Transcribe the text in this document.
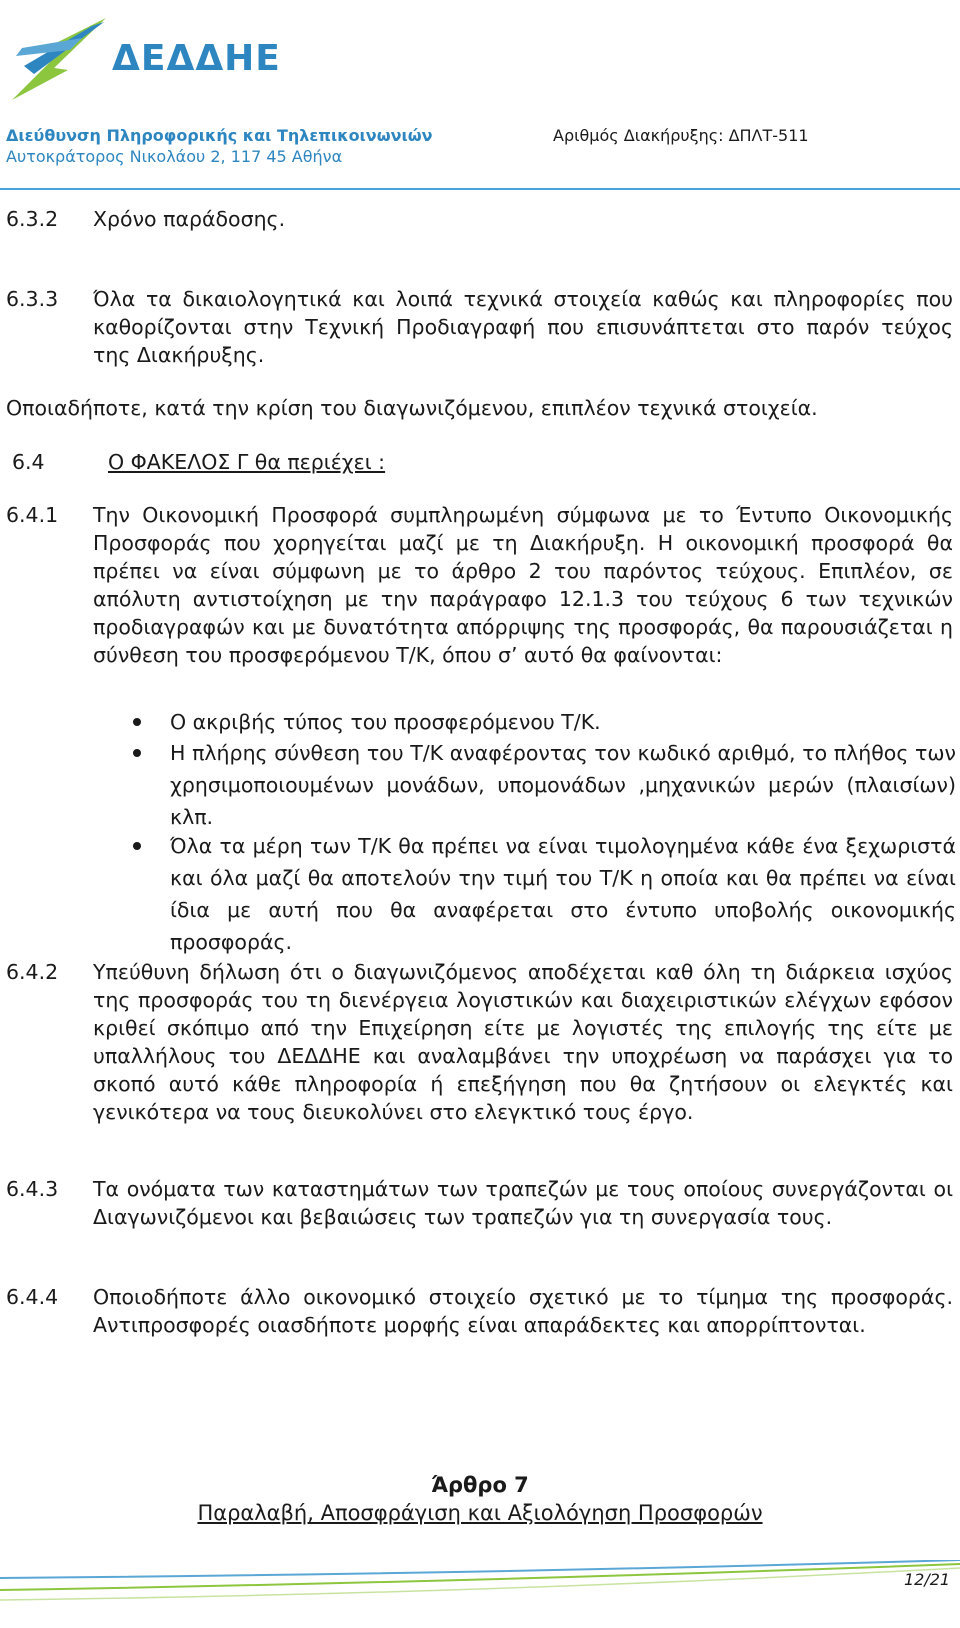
ΔΕΔΔΗΕ
Διεύθυνση Πληροφορικής και Τηλεπικοινωνιών
Αυτοκράτορος Νικολάου 2, 117 45 Αθήνα
Αριθμός Διακήρυξης: ΔΠΛΤ-511
6.3.2 Χρόνο παράδοσης.
6.3.3 Όλα τα δικαιολογητικά και λοιπά τεχνικά στοιχεία καθώς και πληροφορίες που καθορίζονται στην Τεχνική Προδιαγραφή που επισυνάπτεται στο παρόν τεύχος της Διακήρυξης.
Οποιαδήποτε, κατά την κρίση του διαγωνιζόμενου, επιπλέον τεχνικά στοιχεία.
6.4	Ο ΦΑΚΕΛΟΣ Γ θα περιέχει :
6.4.1 Την Οικονομική Προσφορά συμπληρωμένη σύμφωνα με το Έντυπο Οικονομικής Προσφοράς που χορηγείται μαζί με τη Διακήρυξη. Η οικονομική προσφορά θα πρέπει να είναι σύμφωνη με το άρθρο 2 του παρόντος τεύχους. Επιπλέον, σε απόλυτη αντιστοίχηση με την παράγραφο 12.1.3 του τεύχους 6 των τεχνικών προδιαγραφών και με δυνατότητα απόρριψης της προσφοράς, θα παρουσιάζεται η σύνθεση του προσφερόμενου Τ/Κ, όπου σ’ αυτό θα φαίνονται:
Ο ακριβής τύπος του προσφερόμενου Τ/Κ.
Η πλήρης σύνθεση του Τ/Κ αναφέροντας τον κωδικό αριθμό, το πλήθος των χρησιμοποιουμένων μονάδων, υπομονάδων ,μηχανικών μερών (πλαισίων) κλπ.
Όλα τα μέρη των Τ/Κ θα πρέπει να είναι τιμολογημένα κάθε ένα ξεχωριστά και όλα μαζί θα αποτελούν την τιμή του Τ/Κ η οποία και θα πρέπει να είναι ίδια με αυτή που θα αναφέρεται στο έντυπο υποβολής οικονομικής προσφοράς.
6.4.2 Υπεύθυνη δήλωση ότι ο διαγωνιζόμενος αποδέχεται καθ όλη τη διάρκεια ισχύος της προσφοράς του τη διενέργεια λογιστικών και διαχειριστικών ελέγχων εφόσον κριθεί σκόπιμο από την Επιχείρηση είτε με λογιστές της επιλογής της είτε με υπαλλήλους του ΔΕΔΔΗΕ και αναλαμβάνει την υποχρέωση να παράσχει για το σκοπό αυτό κάθε πληροφορία ή επεξήγηση που θα ζητήσουν οι ελεγκτές και γενικότερα να τους διευκολύνει στο ελεγκτικό τους έργο.
6.4.3 Τα ονόματα των καταστημάτων των τραπεζών με τους οποίους συνεργάζονται οι Διαγωνιζόμενοι και βεβαιώσεις των τραπεζών για τη συνεργασία τους.
6.4.4 Οποιοδήποτε άλλο οικονομικό στοιχείο σχετικό με το τίμημα της προσφοράς. Αντιπροσφορές οιασδήποτε μορφής είναι απαράδεκτες και απορρίπτονται.
Άρθρο 7
Παραλαβή, Αποσφράγιση και Αξιολόγηση Προσφορών
12/21
